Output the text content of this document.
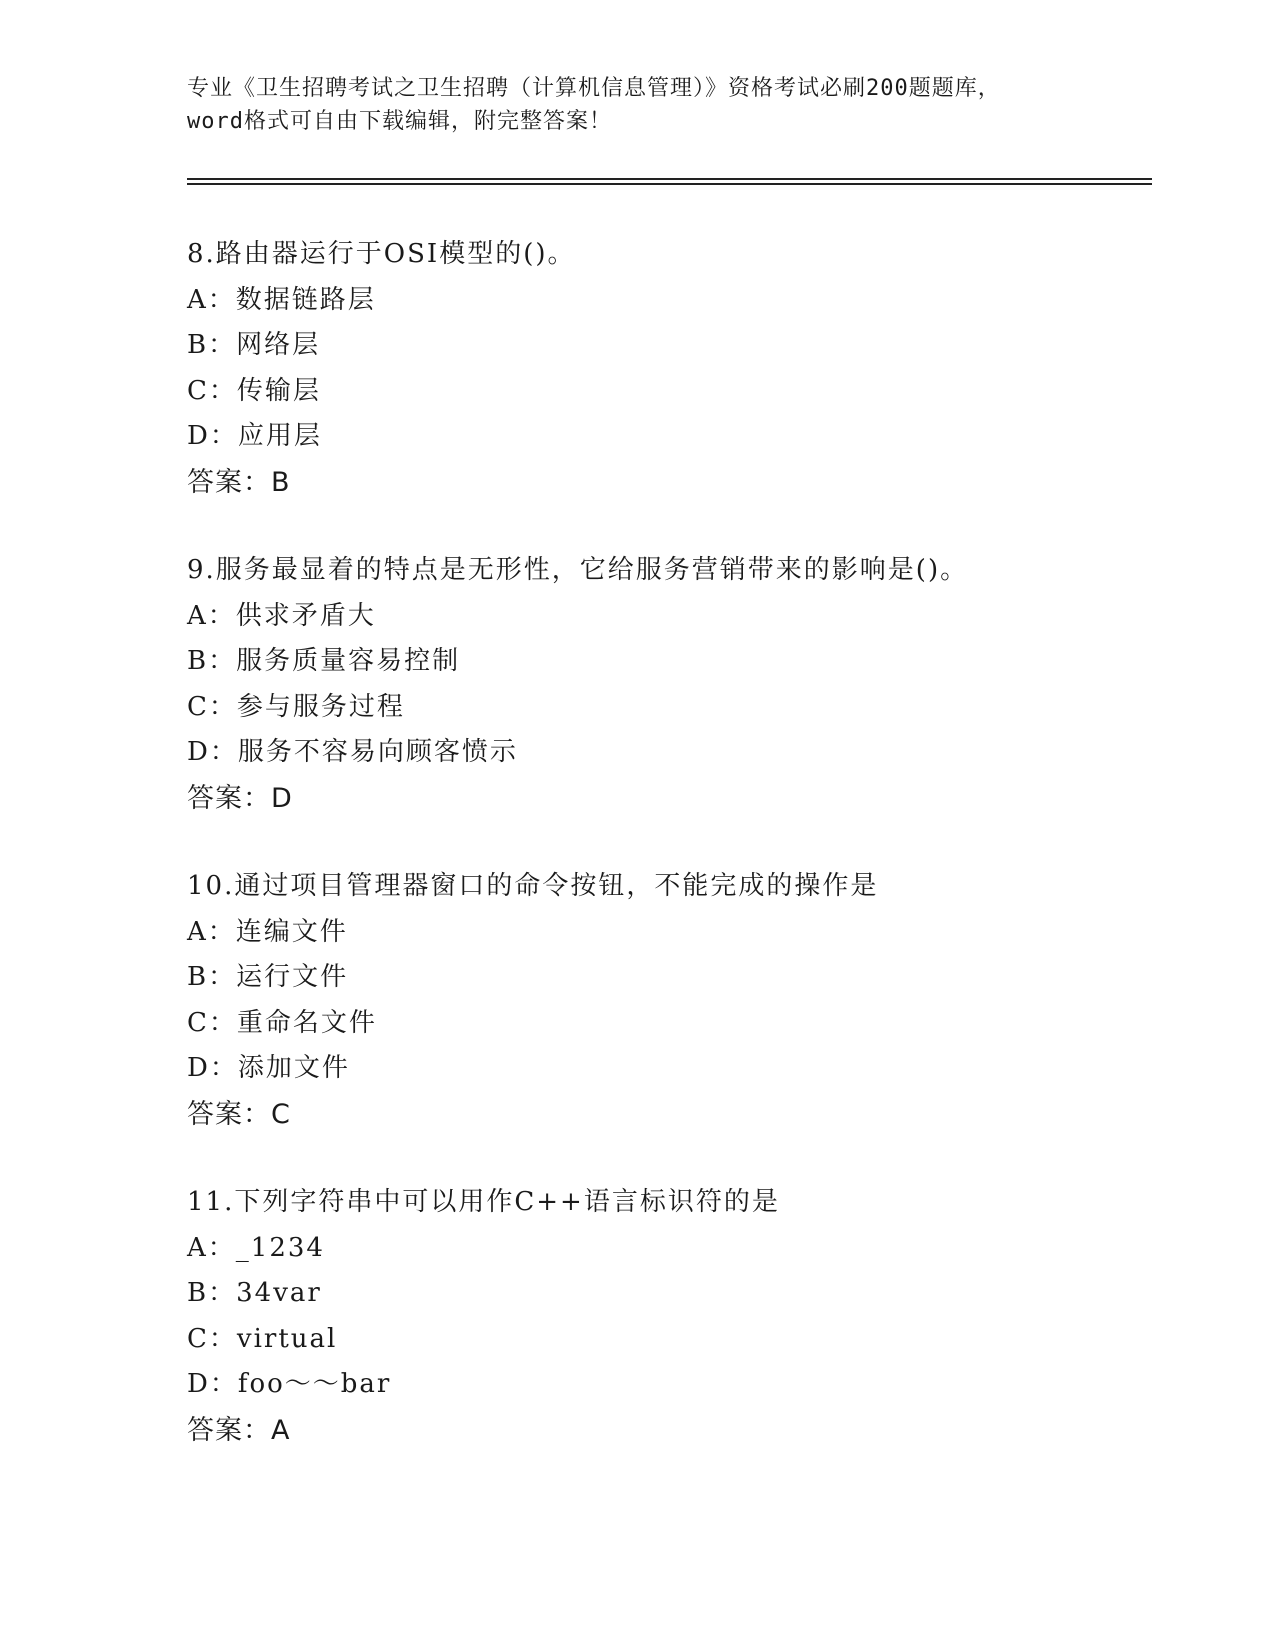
专业《卫生招聘考试之卫生招聘（计算机信息管理）》资格考试必刷200题题库，
word格式可自由下载编辑，附完整答案！
8.路由器运行于OSI模型的()。
A：数据链路层
B：网络层
C：传输层
D：应用层
答案：B
9.服务最显着的特点是无形性，它给服务营销带来的影响是()。
A：供求矛盾大
B：服务质量容易控制
C：参与服务过程
D：服务不容易向顾客愤示
答案：D
10.通过项目管理器窗口的命令按钮，不能完成的操作是
A：连编文件
B：运行文件
C：重命名文件
D：添加文件
答案：C
11.下列字符串中可以用作C++语言标识符的是
A：_1234
B：34var
C：virtual
D：foo～～bar
答案：A
